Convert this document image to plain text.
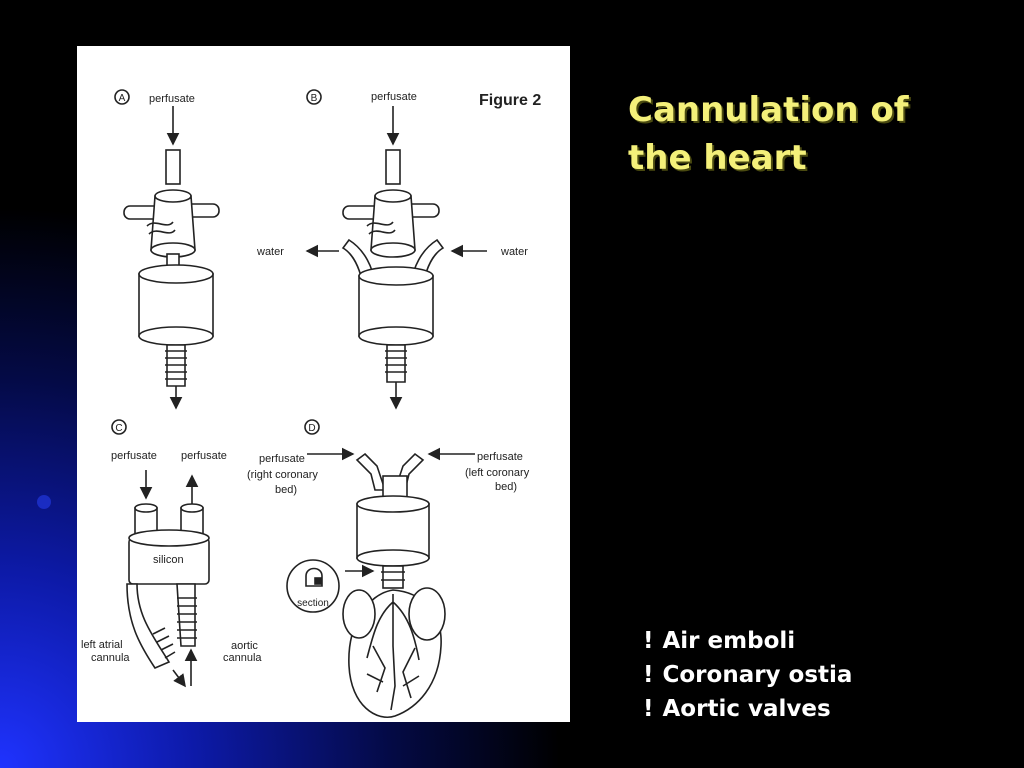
A perfusate	B	perfusate
water	water
Figure 2
C
perfusate perfusate
silicon
left atrial
cannula
aortic
cannula
D
perfusate
(right coronary
bed)
perfusate
(left coronary
bed)
section
Cannulation of
the heart
! Air emboli
! Coronary ostia
! Aortic valves
